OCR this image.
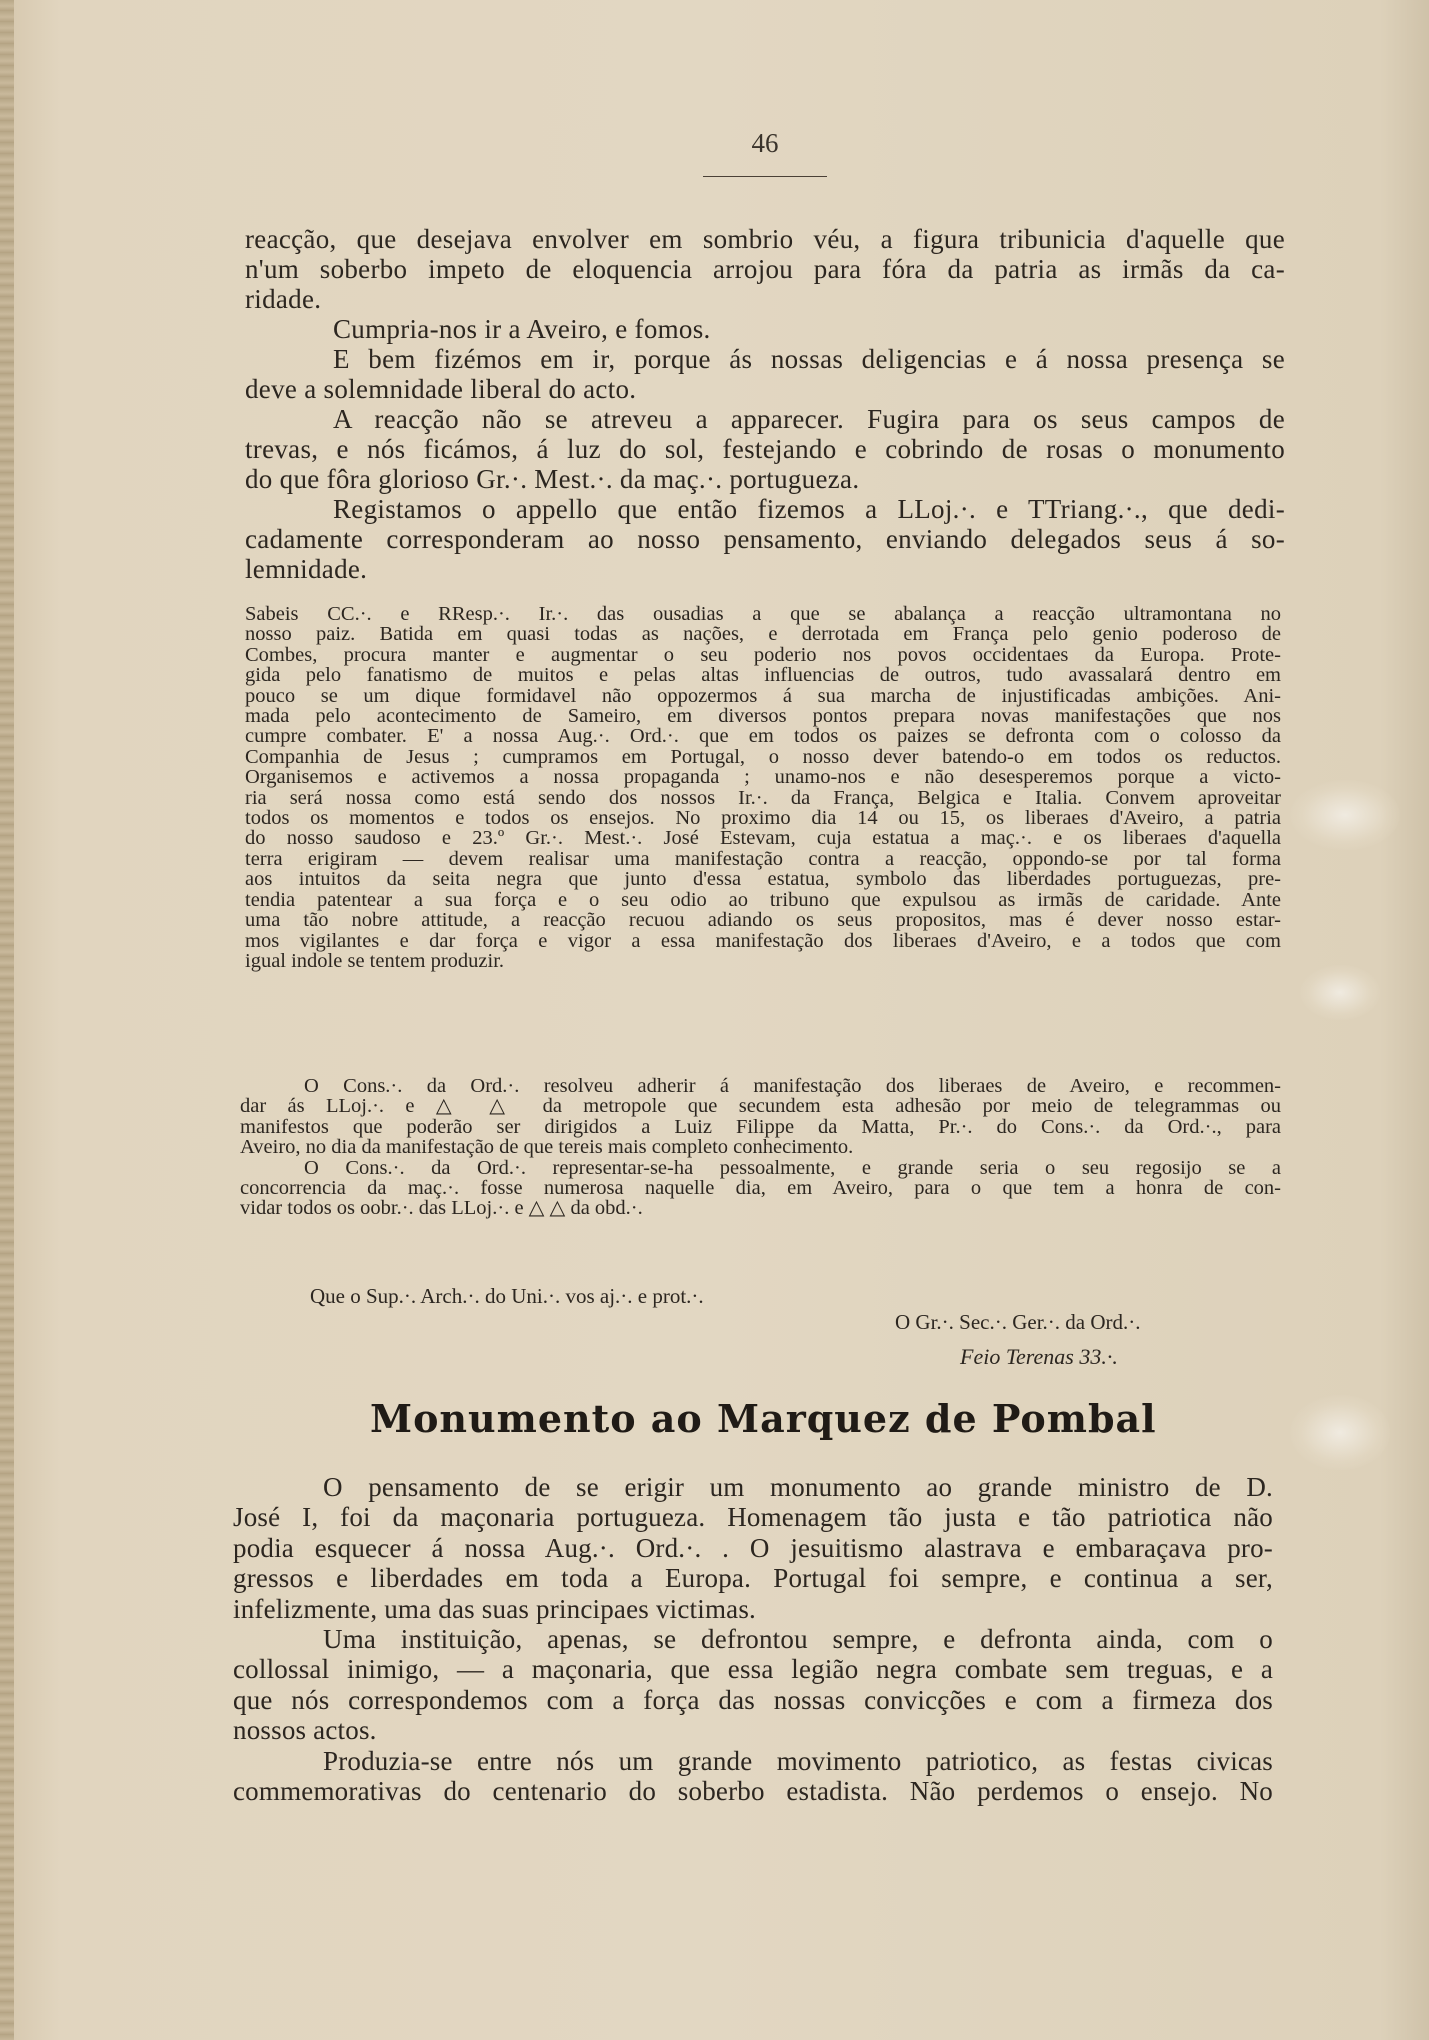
46
reacção, que desejava envolver em sombrio véu, a figura tribunicia d'aquelle que
n'um soberbo impeto de eloquencia arrojou para fóra da patria as irmãs da ca-
ridade.
Cumpria-nos ir a Aveiro, e fomos.
E bem fizémos em ir, porque ás nossas deligencias e á nossa presença se
deve a solemnidade liberal do acto.
A reacção não se atreveu a apparecer. Fugira para os seus campos de
trevas, e nós ficámos, á luz do sol, festejando e cobrindo de rosas o monumento
do que fôra glorioso Gr.·. Mest.·. da maç.·. portugueza.
Registamos o appello que então fizemos a LLoj.·. e TTriang.·., que dedi-
cadamente corresponderam ao nosso pensamento, enviando delegados seus á so-
lemnidade.
Sabeis CC.·. e RResp.·. Ir.·. das ousadias a que se abalança a reacção ultramontana no
nosso paiz. Batida em quasi todas as nações, e derrotada em França pelo genio poderoso de
Combes, procura manter e augmentar o seu poderio nos povos occidentaes da Europa. Prote-
gida pelo fanatismo de muitos e pelas altas influencias de outros, tudo avassalará dentro em
pouco se um dique formidavel não oppozermos á sua marcha de injustificadas ambições. Ani-
mada pelo acontecimento de Sameiro, em diversos pontos prepara novas manifestações que nos
cumpre combater. E' a nossa Aug.·. Ord.·. que em todos os paizes se defronta com o colosso da
Companhia de Jesus ; cumpramos em Portugal, o nosso dever batendo-o em todos os reductos.
Organisemos e activemos a nossa propaganda ; unamo-nos e não desesperemos porque a victo-
ria será nossa como está sendo dos nossos Ir.·. da França, Belgica e Italia. Convem aproveitar
todos os momentos e todos os ensejos. No proximo dia 14 ou 15, os liberaes d'Aveiro, a patria
do nosso saudoso e 23.º Gr.·. Mest.·. José Estevam, cuja estatua a maç.·. e os liberaes d'aquella
terra erigiram — devem realisar uma manifestação contra a reacção, oppondo-se por tal forma
aos intuitos da seita negra que junto d'essa estatua, symbolo das liberdades portuguezas, pre-
tendia patentear a sua força e o seu odio ao tribuno que expulsou as irmãs de caridade. Ante
uma tão nobre attitude, a reacção recuou adiando os seus propositos, mas é dever nosso estar-
mos vigilantes e dar força e vigor a essa manifestação dos liberaes d'Aveiro, e a todos que com
igual indole se tentem produzir.
O Cons.·. da Ord.·. resolveu adherir á manifestação dos liberaes de Aveiro, e recommen-
dar ás LLoj.·. e △ △ da metropole que secundem esta adhesão por meio de telegrammas ou
manifestos que poderão ser dirigidos a Luiz Filippe da Matta, Pr.·. do Cons.·. da Ord.·., para
Aveiro, no dia da manifestação de que tereis mais completo conhecimento.
O Cons.·. da Ord.·. representar-se-ha pessoalmente, e grande seria o seu regosijo se a
concorrencia da maç.·. fosse numerosa naquelle dia, em Aveiro, para o que tem a honra de con-
vidar todos os oobr.·. das LLoj.·. e △ △ da obd.·.
Que o Sup.·. Arch.·. do Uni.·. vos aj.·. e prot.·.
O Gr.·. Sec.·. Ger.·. da Ord.·.
Feio Terenas 33.·.
Monumento ao Marquez de Pombal
O pensamento de se erigir um monumento ao grande ministro de D.
José I, foi da maçonaria portugueza. Homenagem tão justa e tão patriotica não
podia esquecer á nossa Aug.·. Ord.·. . O jesuitismo alastrava e embaraçava pro-
gressos e liberdades em toda a Europa. Portugal foi sempre, e continua a ser,
infelizmente, uma das suas principaes victimas.
Uma instituição, apenas, se defrontou sempre, e defronta ainda, com o
collossal inimigo, — a maçonaria, que essa legião negra combate sem treguas, e a
que nós correspondemos com a força das nossas convicções e com a firmeza dos
nossos actos.
Produzia-se entre nós um grande movimento patriotico, as festas civicas
commemorativas do centenario do soberbo estadista. Não perdemos o ensejo. No
